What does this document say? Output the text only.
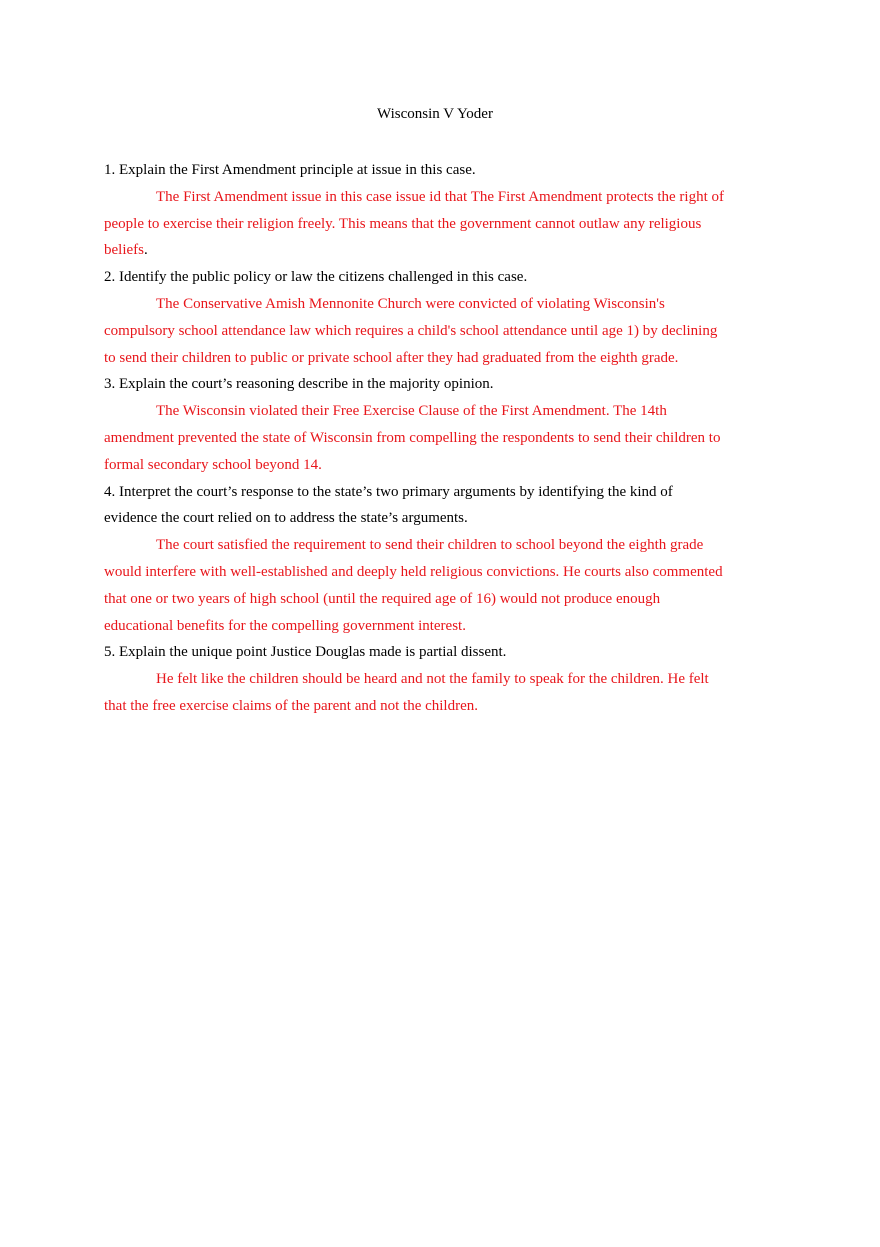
Wisconsin V Yoder

1. Explain the First Amendment principle at issue in this case.

The First Amendment issue in this case issue id that The First Amendment protects the right of people to exercise their religion freely. This means that the government cannot outlaw any religious beliefs.

2. Identify the public policy or law the citizens challenged in this case.

The Conservative Amish Mennonite Church were convicted of violating Wisconsin's compulsory school attendance law which requires a child's school attendance until age 1) by declining to send their children to public or private school after they had graduated from the eighth grade.

3. Explain the court’s reasoning describe in the majority opinion.

The Wisconsin violated their Free Exercise Clause of the First Amendment. The 14th amendment prevented the state of Wisconsin from compelling the respondents to send their children to formal secondary school beyond 14.

4. Interpret the court’s response to the state’s two primary arguments by identifying the kind of evidence the court relied on to address the state’s arguments.

The court satisfied the requirement to send their children to school beyond the eighth grade would interfere with well-established and deeply held religious convictions. He courts also commented that one or two years of high school (until the required age of 16) would not produce enough educational benefits for the compelling government interest.

5. Explain the unique point Justice Douglas made is partial dissent.

He felt like the children should be heard and not the family to speak for the children. He felt that the free exercise claims of the parent and not the children.
